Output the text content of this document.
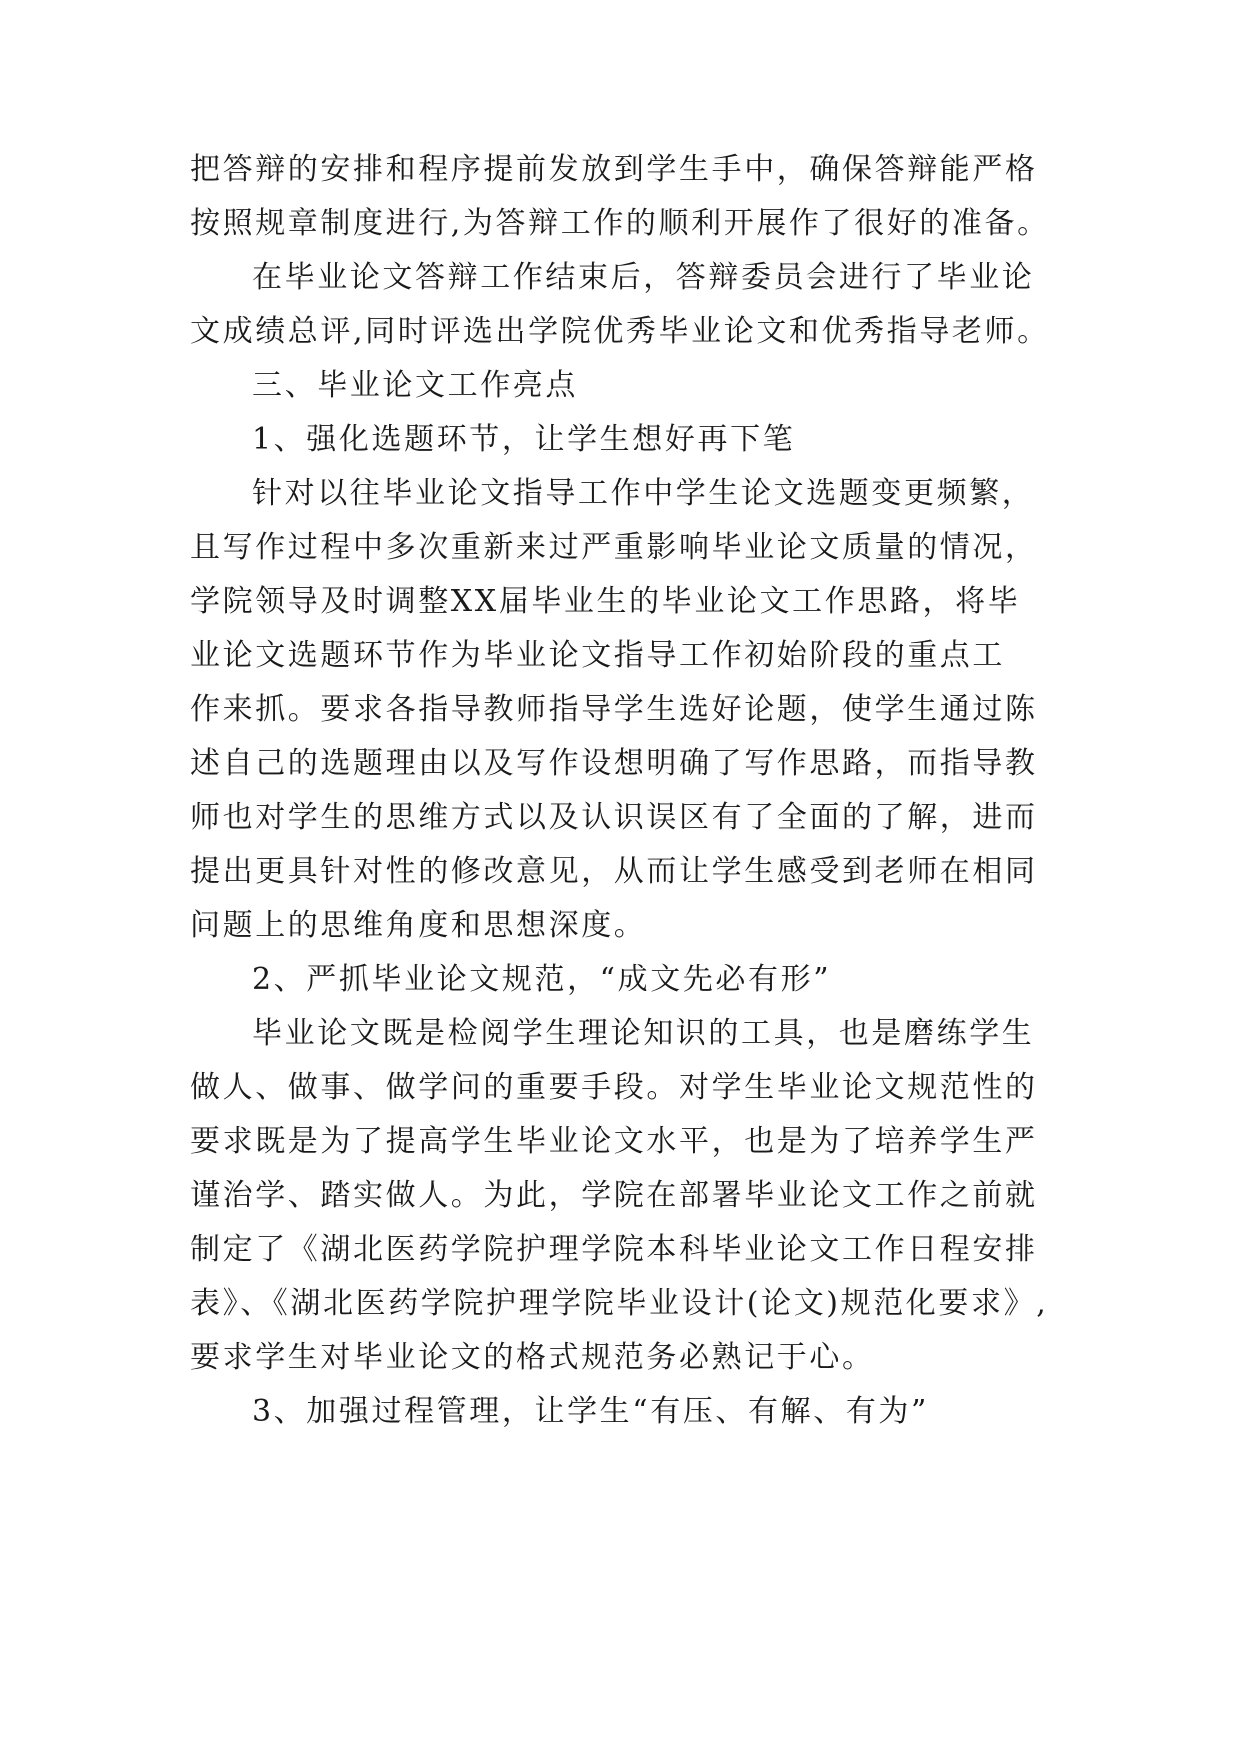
把答辩的安排和程序提前发放到学生手中，确保答辩能严格
按照规章制度进行,为答辩工作的顺利开展作了很好的准备。
在毕业论文答辩工作结束后，答辩委员会进行了毕业论
文成绩总评,同时评选出学院优秀毕业论文和优秀指导老师。
三、毕业论文工作亮点
1、强化选题环节，让学生想好再下笔
针对以往毕业论文指导工作中学生论文选题变更频繁，
且写作过程中多次重新来过严重影响毕业论文质量的情况，
学院领导及时调整XX届毕业生的毕业论文工作思路，将毕
业论文选题环节作为毕业论文指导工作初始阶段的重点工
作来抓。要求各指导教师指导学生选好论题，使学生通过陈
述自己的选题理由以及写作设想明确了写作思路，而指导教
师也对学生的思维方式以及认识误区有了全面的了解，进而
提出更具针对性的修改意见，从而让学生感受到老师在相同
问题上的思维角度和思想深度。
2、严抓毕业论文规范，“成文先必有形”
毕业论文既是检阅学生理论知识的工具，也是磨练学生
做人、做事、做学问的重要手段。对学生毕业论文规范性的
要求既是为了提高学生毕业论文水平，也是为了培养学生严
谨治学、踏实做人。为此，学院在部署毕业论文工作之前就
制定了《湖北医药学院护理学院本科毕业论文工作日程安排
表》、《湖北医药学院护理学院毕业设计(论文)规范化要求》,
要求学生对毕业论文的格式规范务必熟记于心。
3、加强过程管理，让学生“有压、有解、有为”
